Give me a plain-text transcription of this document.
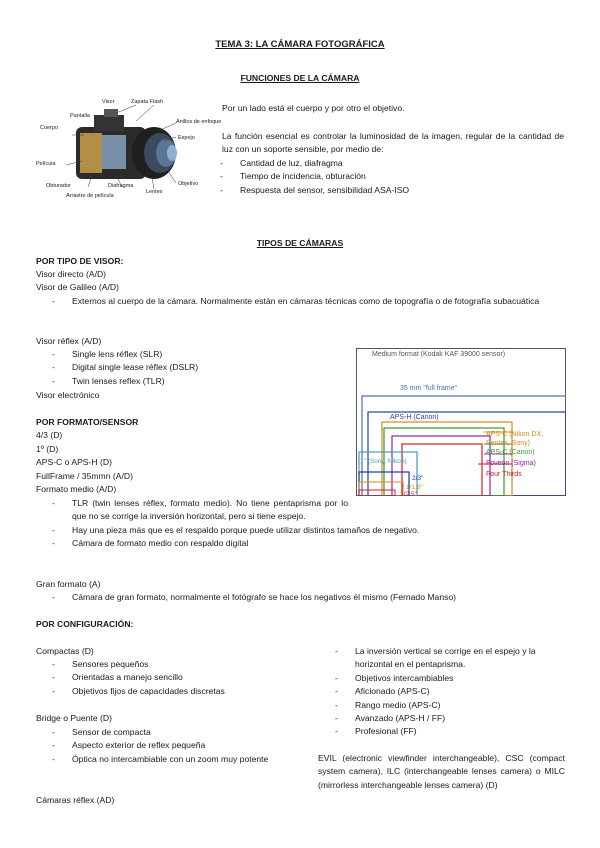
TEMA 3: LA CÁMARA FOTOGRÁFICA
FUNCIONES DE LA CÁMARA
Visor	Zapata Flash
Pantalla
Anillos de enfoque
Cuerpo
Espejo
Película
Obturador	Diafragma
Lentes
Objetivo
Arrastre de película
Por un lado está el cuerpo y por otro el objetivo.
La función esencial es controlar la luminosidad de la imagen, regular de la cantidad de luz con un soporte sensible, por medio de:
- Cantidad de luz, diafragma
- Tiempo de incidencia, obturación
- Respuesta del sensor, sensibilidad ASA-ISO
TIPOS DE CÁMARAS
POR TIPO DE VISOR:
Visor directo (A/D)
Visor de Galileo (A/D)
- Externos al cuerpo de la cámara. Normalmente están en cámaras técnicas como de topografía o de fotografía subacuática
Visor réflex (A/D)
- Single lens réflex (SLR)
- Digital single lease réflex (DSLR)
- Twin lenses reflex (TLR)
Visor electrónico
POR FORMATO/SENSOR
4/3 (D)
1º (D)
APS-C o APS-H (D)
FullFrame / 35mmn (A/D)
Formato medio (A/D)
- TLR (twin lenses réflex, formato medio). No tiene pentaprisma por lo que no se corrige la inversión horizontal, pero si tiene espejo.
- Hay una pieza más que es el respaldo porque puede utilizar distintos tamaños de negativo.
- Cámara de formato medio con respaldo digital
Gran formato (A)
- Cámara de gran formato, normalmente el fotógrafo se hace los negativos él mismo (Fernado Manso)
Medium format (Kodak KAF 39000 sensor)
35 mm "full frame"
APS-H (Canon)
APS-C (Nikon DX, Pentax, Sony)
APS-C (Canon)
Foveon (Sigma)
Four Thirds
1" (Sony, Nikon)
2/3"
1/1.8"
1/2.5"
POR CONFIGURACIÓN:
Compactas (D)
- Sensores pequeños
- Orientadas a manejo sencillo
- Objetivos fijos de capacidades discretas
Bridge o Puente (D)
- Sensor de compacta
- Aspecto exterior de reflex pequeña
- Óptica no intercambiable con un zoom muy potente
Cámaras réflex (AD)
- La inversión vertical se corrige en el espejo y la horizontal en el pentaprisma.
- Objetivos intercambiables
- Aficionado (APS-C)
- Rango medio (APS-C)
- Avanzado (APS-H / FF)
- Profesional (FF)
EVIL (electronic viewfinder interchangeable), CSC (compact system camera), ILC (interchangeable lenses camera) o MILC (mirrorless interchangeable lenses camera) (D)
